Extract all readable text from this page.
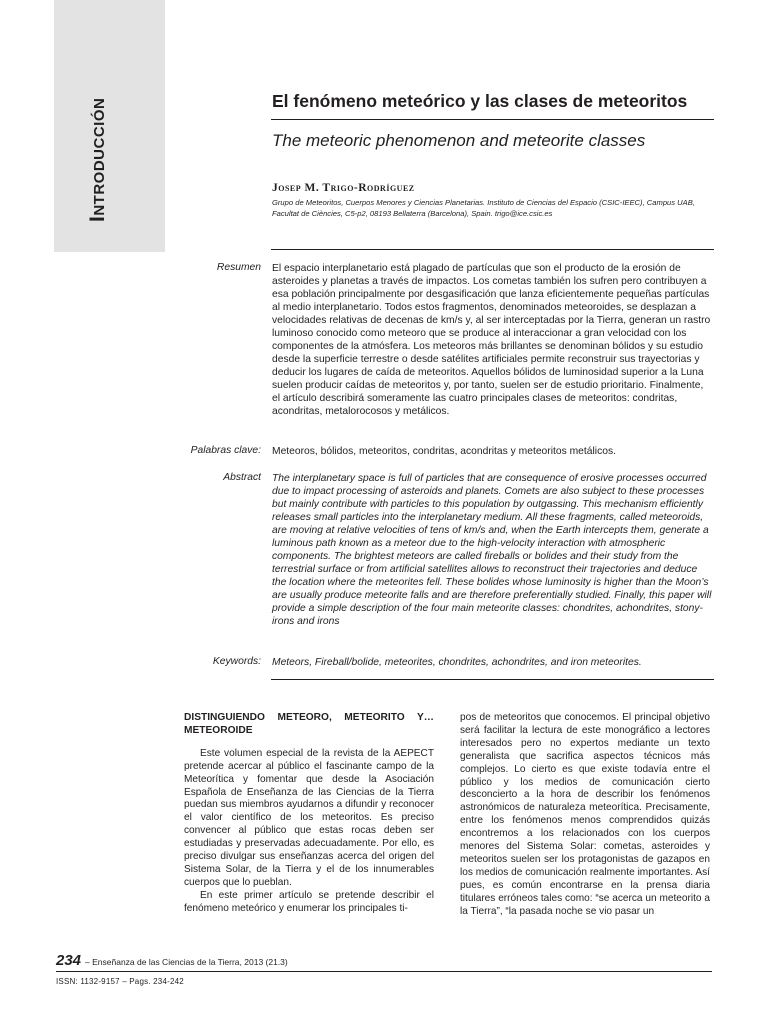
Introducción	El fenómeno meteórico y las clases de meteoritos
The meteoric phenomenon and meteorite classes
Josep M. Trigo-Rodríguez
Grupo de Meteoritos, Cuerpos Menores y Ciencias Planetarias. Instituto de Ciencias del Espacio (CSIC-IEEC), Campus UAB, Facultat de Ciències, C5-p2, 08193 Bellaterra (Barcelona), Spain. trigo@ice.csic.es
Resumen El espacio interplanetario está plagado de partículas que son el producto de la erosión de asteroides y planetas a través de impactos. Los cometas también los sufren pero contribuyen a esa población principalmente por desgasificación que lanza eficientemente pequeñas partículas al medio interplanetario. Todos estos fragmentos, denominados meteoroides, se desplazan a velocidades relativas de decenas de km/s y, al ser interceptadas por la Tierra, generan un rastro luminoso conocido como meteoro que se produce al interaccionar a gran velocidad con los componentes de la atmósfera. Los meteoros más brillantes se denominan bólidos y su estudio desde la superficie terrestre o desde satélites artificiales permite reconstruir sus trayectorias y deducir los lugares de caída de meteoritos. Aquellos bólidos de luminosidad superior a la Luna suelen producir caídas de meteoritos y, por tanto, suelen ser de estudio prioritario. Finalmente, el artículo describirá someramente las cuatro principales clases de meteoritos: condritas, acondritas, metalorocosos y metálicos.
Palabras clave: Meteoros, bólidos, meteoritos, condritas, acondritas y meteoritos metálicos.
Abstract The interplanetary space is full of particles that are consequence of erosive processes occurred due to impact processing of asteroids and planets. Comets are also subject to these processes but mainly contribute with particles to this population by outgassing. This mechanism efficiently releases small particles into the interplanetary medium. All these fragments, called meteoroids, are moving at relative velocities of tens of km/s and, when the Earth intercepts them, generate a luminous path known as a meteor due to the high-velocity interaction with atmospheric components. The brightest meteors are called fireballs or bolides and their study from the terrestrial surface or from artificial satellites allows to reconstruct their trajectories and deduce the location where the meteorites fell. These bolides whose luminosity is higher than the Moon’s are usually produce meteorite falls and are therefore preferentially studied. Finally, this paper will provide a simple description of the four main meteorite classes: chondrites, achondrites, stony-irons and irons
Keywords: Meteors, Fireball/bolide, meteorites, chondrites, achondrites, and iron meteorites.
DISTINGUIENDO METEORO, METEORITO Y… METEOROIDE

Este volumen especial de la revista de la AEPECT pretende acercar al público el fascinante campo de la Meteorítica y fomentar que desde la Asociación Española de Enseñanza de las Ciencias de la Tierra puedan sus miembros ayudarnos a difundir y reconocer el valor científico de los meteoritos. Es preciso convencer al público que estas rocas deben ser estudiadas y preservadas adecuadamente. Por ello, es preciso divulgar sus enseñanzas acerca del origen del Sistema Solar, de la Tierra y el de los innumerables cuerpos que lo pueblan.

En este primer artículo se pretende describir el fenómeno meteórico y enumerar los principales ti-

pos de meteoritos que conocemos. El principal objetivo será facilitar la lectura de este monográfico a lectores interesados pero no expertos mediante un texto generalista que sacrifica aspectos técnicos más complejos. Lo cierto es que existe todavía entre el público y los medios de comunicación cierto desconcierto a la hora de describir los fenómenos astronómicos de naturaleza meteorítica. Precisamente, entre los fenómenos menos comprendidos quizás encontremos a los relacionados con los cuerpos menores del Sistema Solar: cometas, asteroides y meteoritos suelen ser los protagonistas de gazapos en los medios de comunicación realmente importantes. Así pues, es común encontrarse en la prensa diaria titulares erróneos tales como: “se acerca un meteorito a la Tierra”, “la pasada noche se vio pasar un

234 – Enseñanza de las Ciencias de la Tierra, 2013 (21.3)
ISSN: 1132-9157 – Pags. 234-242
